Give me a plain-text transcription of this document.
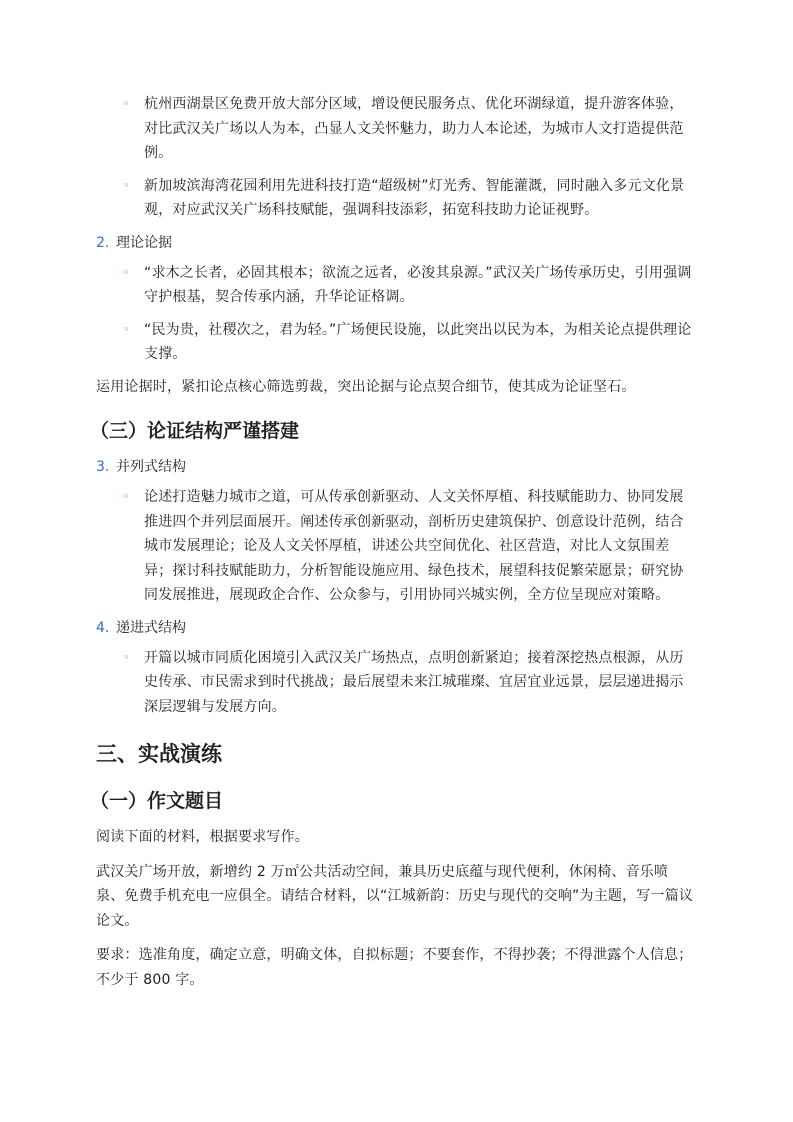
◦ 杭州西湖景区免费开放大部分区域，增设便民服务点、优化环湖绿道，提升游客体验，对比武汉关广场以人为本，凸显人文关怀魅力，助力人本论述，为城市人文打造提供范例。
◦ 新加坡滨海湾花园利用先进科技打造“超级树”灯光秀、智能灌溉，同时融入多元文化景观，对应武汉关广场科技赋能，强调科技添彩，拓宽科技助力论证视野。
2. 理论论据
◦ “求木之长者，必固其根本；欲流之远者，必浚其泉源。”武汉关广场传承历史，引用强调守护根基，契合传承内涵，升华论证格调。
◦ “民为贵，社稷次之，君为轻。”广场便民设施，以此突出以民为本，为相关论点提供理论支撑。

运用论据时，紧扣论点核心筛选剪裁，突出论据与论点契合细节，使其成为论证坚石。

（三）论证结构严谨搭建
3. 并列式结构
◦ 论述打造魅力城市之道，可从传承创新驱动、人文关怀厚植、科技赋能助力、协同发展推进四个并列层面展开。阐述传承创新驱动，剖析历史建筑保护、创意设计范例，结合城市发展理论；论及人文关怀厚植，讲述公共空间优化、社区营造，对比人文氛围差异；探讨科技赋能助力，分析智能设施应用、绿色技术，展望科技促繁荣愿景；研究协同发展推进，展现政企合作、公众参与，引用协同兴城实例，全方位呈现应对策略。
4. 递进式结构
◦ 开篇以城市同质化困境引入武汉关广场热点，点明创新紧迫；接着深挖热点根源，从历史传承、市民需求到时代挑战；最后展望未来江城璀璨、宜居宜业远景，层层递进揭示深层逻辑与发展方向。
三、实战演练
（一）作文题目

阅读下面的材料，根据要求写作。

武汉关广场开放，新增约 2 万㎡公共活动空间，兼具历史底蕴与现代便利，休闲椅、音乐喷泉、免费手机充电一应俱全。请结合材料，以“江城新韵：历史与现代的交响”为主题，写一篇议论文。

要求：选准角度，确定立意，明确文体，自拟标题；不要套作，不得抄袭；不得泄露个人信息；不少于 800 字。
